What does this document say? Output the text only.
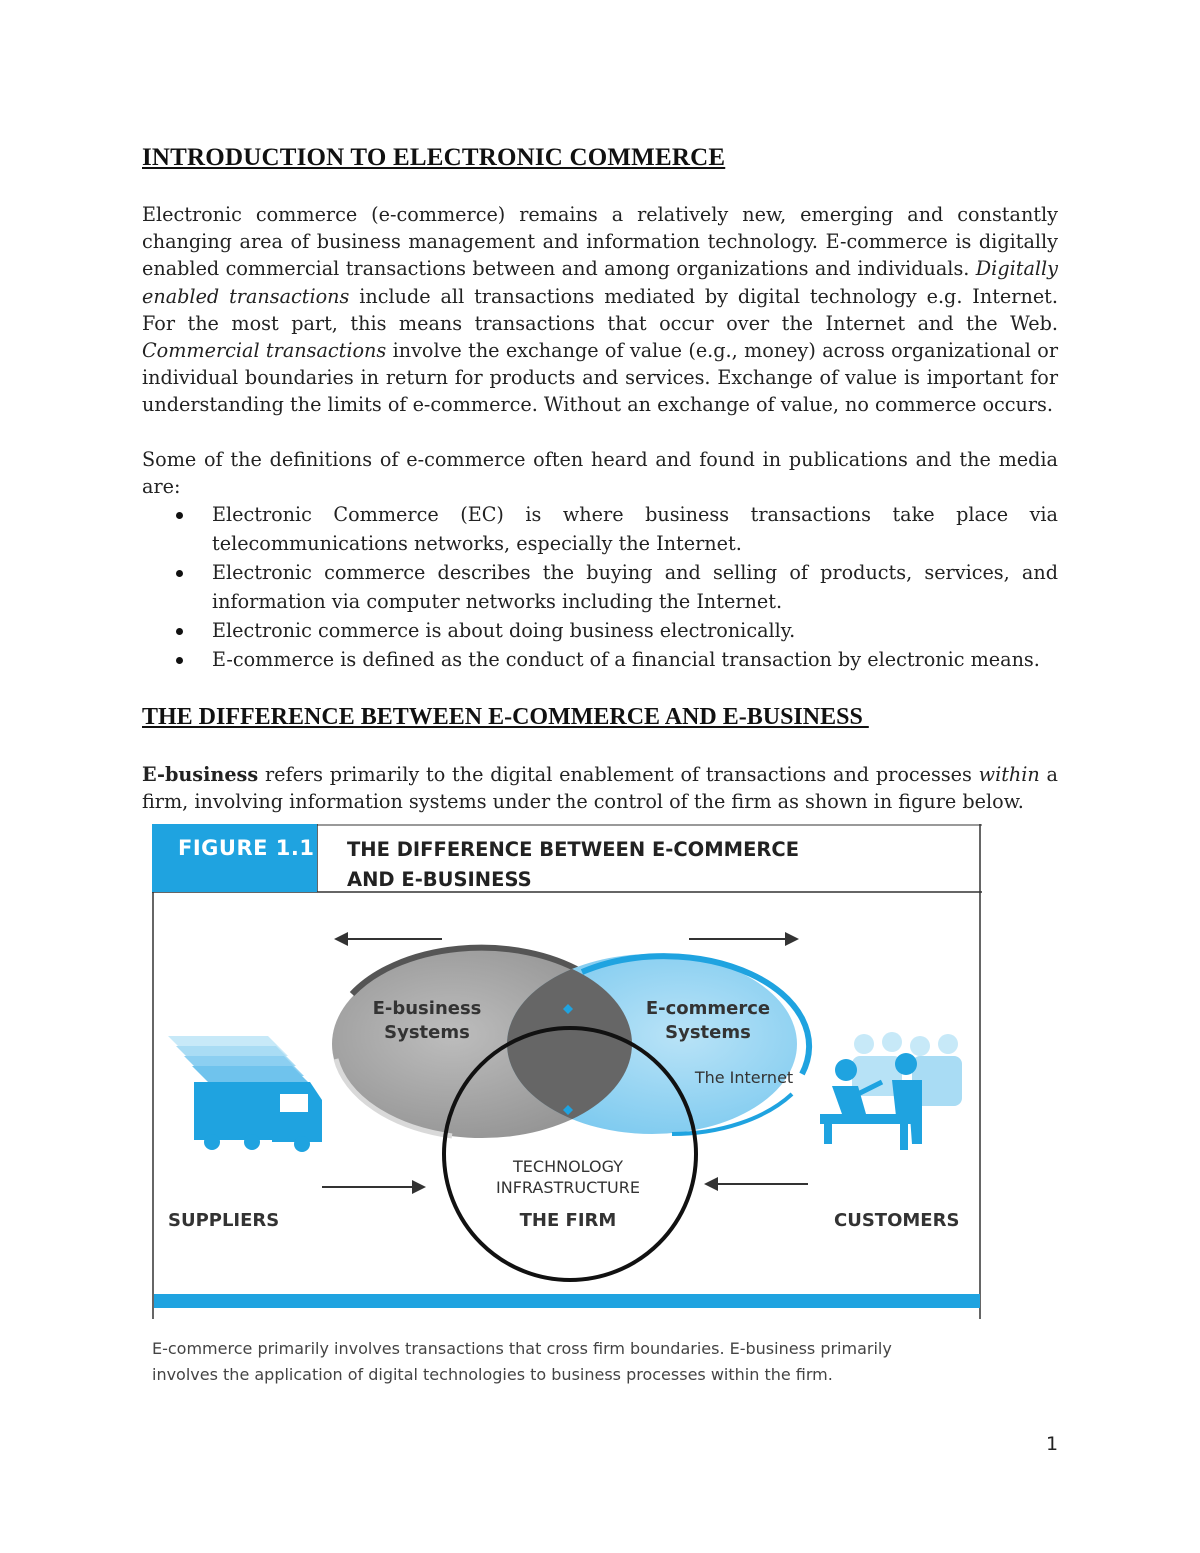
INTRODUCTION TO ELECTRONIC COMMERCE
Electronic commerce (e-commerce) remains a relatively new, emerging and constantly changing area of business management and information technology. E-commerce is digitally enabled commercial transactions between and among organizations and individuals. Digitally enabled transactions include all transactions mediated by digital technology e.g. Internet. For the most part, this means transactions that occur over the Internet and the Web. Commercial transactions involve the exchange of value (e.g., money) across organizational or individual boundaries in return for products and services. Exchange of value is important for understanding the limits of e-commerce. Without an exchange of value, no commerce occurs.
Some of the definitions of e-commerce often heard and found in publications and the media are:
Electronic Commerce (EC) is where business transactions take place via telecommunications networks, especially the Internet.
Electronic commerce describes the buying and selling of products, services, and information via computer networks including the Internet.
Electronic commerce is about doing business electronically.
E-commerce is defined as the conduct of a financial transaction by electronic means.
THE DIFFERENCE BETWEEN E-COMMERCE AND E-BUSINESS
E-business refers primarily to the digital enablement of transactions and processes within a firm, involving information systems under the control of the firm as shown in figure below.
E-business
Systems
E-commerce
Systems
The Internet
TECHNOLOGY
INFRASTRUCTURE
THE FIRM
SUPPLIERS	CUSTOMERS
FIGURE 1.1 THE DIFFERENCE BETWEEN E-COMMERCE
AND E-BUSINESS
E-commerce primarily involves transactions that cross firm boundaries. E-business primarily involves the application of digital technologies to business processes within the firm.
1
